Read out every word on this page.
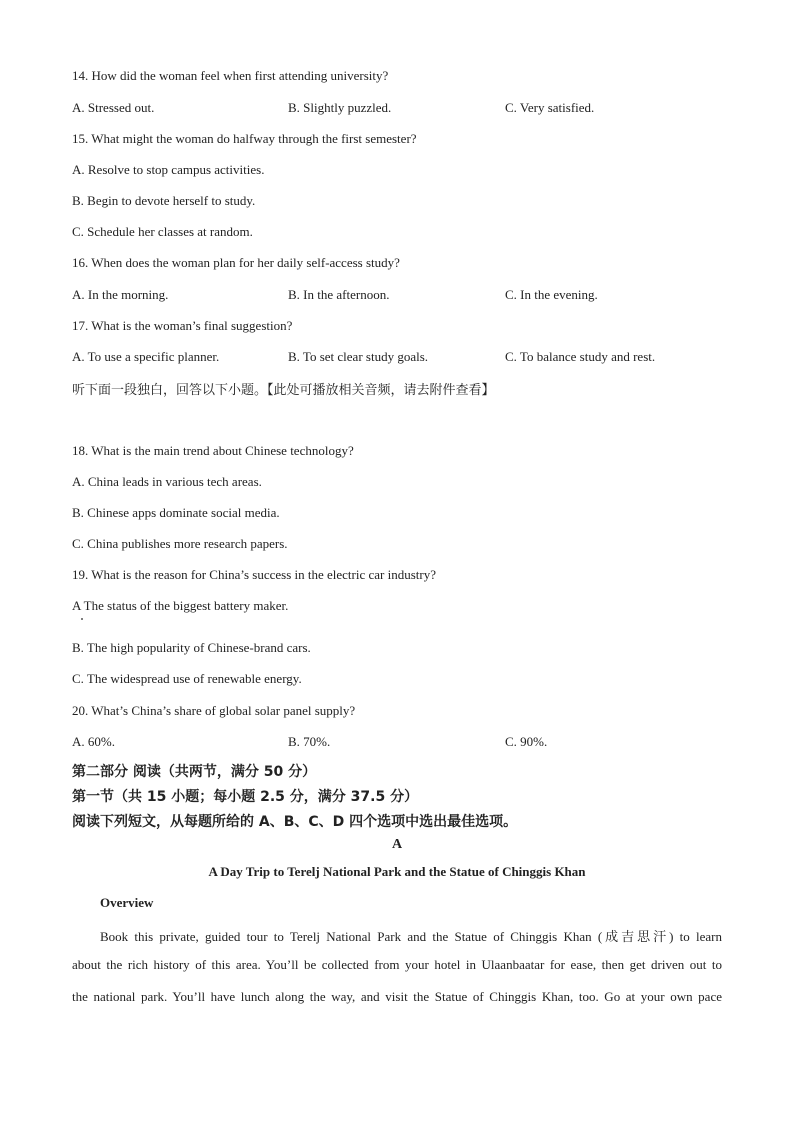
14. How did the woman feel when first attending university?
A. Stressed out.	B. Slightly puzzled.	C. Very satisfied.
15. What might the woman do halfway through the first semester?
A. Resolve to stop campus activities.
B. Begin to devote herself to study.
C. Schedule her classes at random.
16. When does the woman plan for her daily self-access study?
A. In the morning.	B. In the afternoon.	C. In the evening.
17. What is the woman’s final suggestion?
A. To use a specific planner.	B. To set clear study goals.	C. To balance study and rest.
听下面一段独白，回答以下小题。【此处可播放相关音频，请去附件查看】
18. What is the main trend about Chinese technology?
A. China leads in various tech areas.
B. Chinese apps dominate social media.
C. China publishes more research papers.
19. What is the reason for China’s success in the electric car industry?
A The status of the biggest battery maker.
B. The high popularity of Chinese-brand cars.
C. The widespread use of renewable energy.
20. What’s China’s share of global solar panel supply?
A. 60%.	B. 70%.	C. 90%.
第二部分 阅读（共两节，满分 50 分）
第一节（共 15 小题；每小题 2.5 分，满分 37.5 分）
阅读下列短文，从每题所给的 A、B、C、D 四个选项中选出最佳选项。
A
A Day Trip to Terelj National Park and the Statue of Chinggis Khan
Overview
Book this private, guided tour to Terelj National Park and the Statue of Chinggis Khan (成吉思汗) to learn
about the rich history of this area. You’ll be collected from your hotel in Ulaanbaatar for ease, then get driven out to
the national park. You’ll have lunch along the way, and visit the Statue of Chinggis Khan, too. Go at your own pace
